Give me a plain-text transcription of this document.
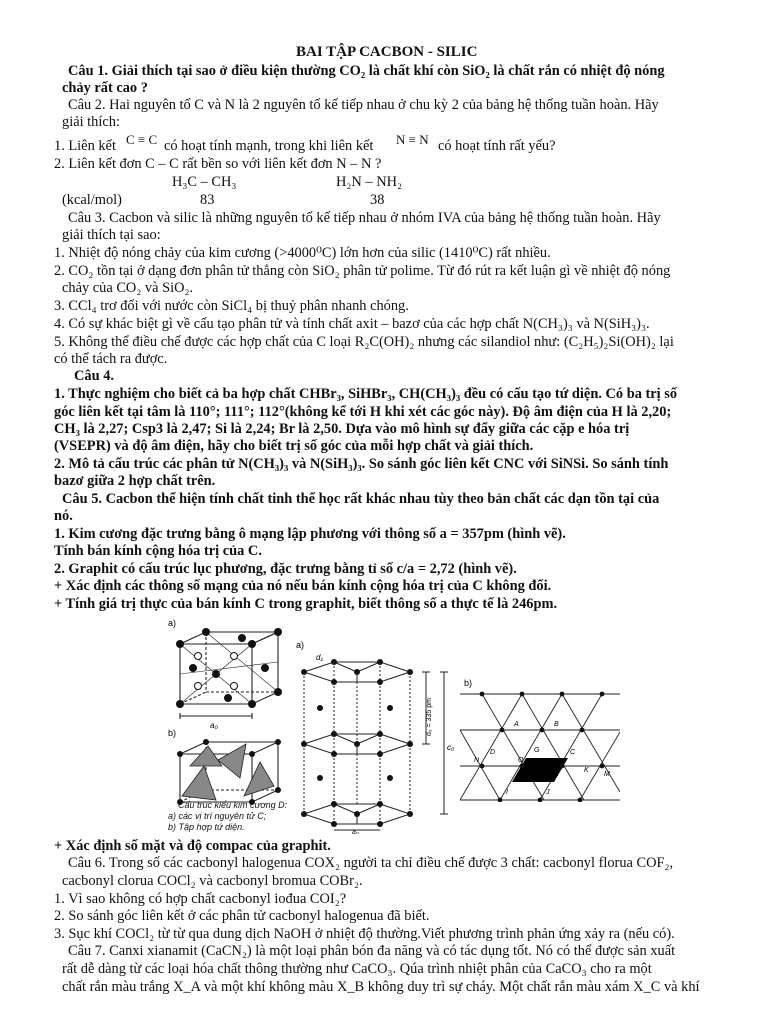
BAI TẬP CACBON - SILIC
Câu 1. Giải thích tại sao ở điều kiện thường CO₂ là chất khí còn SiO₂ là chất rắn có nhiệt độ nóng
chảy rất cao ?
Câu 2. Hai nguyên tố C và N là 2 nguyên tố kế tiếp nhau ở chu kỳ 2 của bảng hệ thống tuần hoàn. Hãy
giải thích:
1. Liên kết C ≡ C có hoạt tính mạnh, trong khi liên kết N ≡ N có hoạt tính rất yếu?
2. Liên kết đơn C – C rất bền so với liên kết đơn N – N ?
H₃C – CH₃	H₂N – NH₂
(kcal/mol)	83	38
Câu 3. Cacbon và silic là những nguyên tố kế tiếp nhau ở nhóm IVA của bảng hệ thống tuần hoàn. Hãy
giải thích tại sao:
1. Nhiệt độ nóng chảy của kim cương (>4000⁰C) lớn hơn của silic (1410⁰C) rất nhiều.
2. CO₂ tồn tại ở dạng đơn phân tử thẳng còn SiO₂ phân tử polime. Từ đó rút ra kết luận gì về nhiệt độ nóng
chảy của CO₂ và SiO₂.
3. CCl₄ trơ đối với nước còn SiCl₄ bị thuỷ phân nhanh chóng.
4. Có sự khác biệt gì về cấu tạo phân tử và tính chất axit – bazơ của các hợp chất N(CH₃)₃ và N(SiH₃)₃.
5. Không thể điều chế được các hợp chất của C loại R₂C(OH)₂ nhưng các silandiol như: (C₂H₅)₂Si(OH)₂ lại
có thể tách ra được.
Câu 4.
1. Thực nghiệm cho biết cả ba hợp chất CHBr₃, SiHBr₃, CH(CH₃)₃ đều có cấu tạo tứ diện. Có ba trị số
góc liên kết tại tâm là 110°; 111°; 112°(không kể tới H khi xét các góc này). Độ âm điện của H là 2,20;
CH₃ là 2,27; Csp3 là 2,47; Si là 2,24; Br là 2,50. Dựa vào mô hình sự đẩy giữa các cặp e hóa trị
(VSEPR) và độ âm điện, hãy cho biết trị số góc của mỗi hợp chất và giải thích.
2. Mô tả cấu trúc các phân tử N(CH₃)₃ và N(SiH₃)₃. So sánh góc liên kết CNC với SiNSi. So sánh tính
bazơ giữa 2 hợp chất trên.
Câu 5. Cacbon thể hiện tính chất tinh thể học rất khác nhau tùy theo bản chất các dạn tồn tại của
nó.
1. Kim cương đặc trưng bằng ô mạng lập phương với thông số a = 357pm (hình vẽ).
Tính bán kính cộng hóa trị của C.
2. Graphit có cấu trúc lục phương, đặc trưng bằng tỉ số c/a = 2,72 (hình vẽ).
+ Xác định các thông số mạng của nó nếu bán kính cộng hóa trị của C không đổi.
+ Tính giá trị thực của bán kính C trong graphit, biết thông số a thực tế là 246pm.
a)
a₀
b)
Cấu trúc kiểu kim cương D:
a) các vị trí nguyên tử C;
b) Tập hợp tứ diện.
a)
d₁
d₂ = 335 pm
c₀
a₀
b)
A	B
G	C
D
E
I	J
N	O
K
M
+ Xác định số mặt và độ compac của graphit.
Câu 6. Trong số các cacbonyl halogenua COX₂ người ta chỉ điều chế được 3 chất: cacbonyl florua COF₂,
cacbonyl clorua COCl₂ và cacbonyl bromua COBr₂.
1. Vì sao không có hợp chất cacbonyl iođua COI₂?
2. So sánh góc liên kết ở các phân tử cacbonyl halogenua đã biết.
3. Sục khí COCl₂ từ từ qua dung dịch NaOH ở nhiệt độ thường.Viết phương trình phản ứng xảy ra (nếu có).
Câu 7. Canxi xianamit (CaCN₂) là một loại phân bón đa năng và có tác dụng tốt. Nó có thể được sản xuất
rất dễ dàng từ các loại hóa chất thông thường như CaCO₃. Qúa trình nhiệt phân của CaCO₃ cho ra một
chất rắn màu trắng X_A và một khí không màu X_B không duy trì sự cháy. Một chất rắn màu xám X_C và khí
